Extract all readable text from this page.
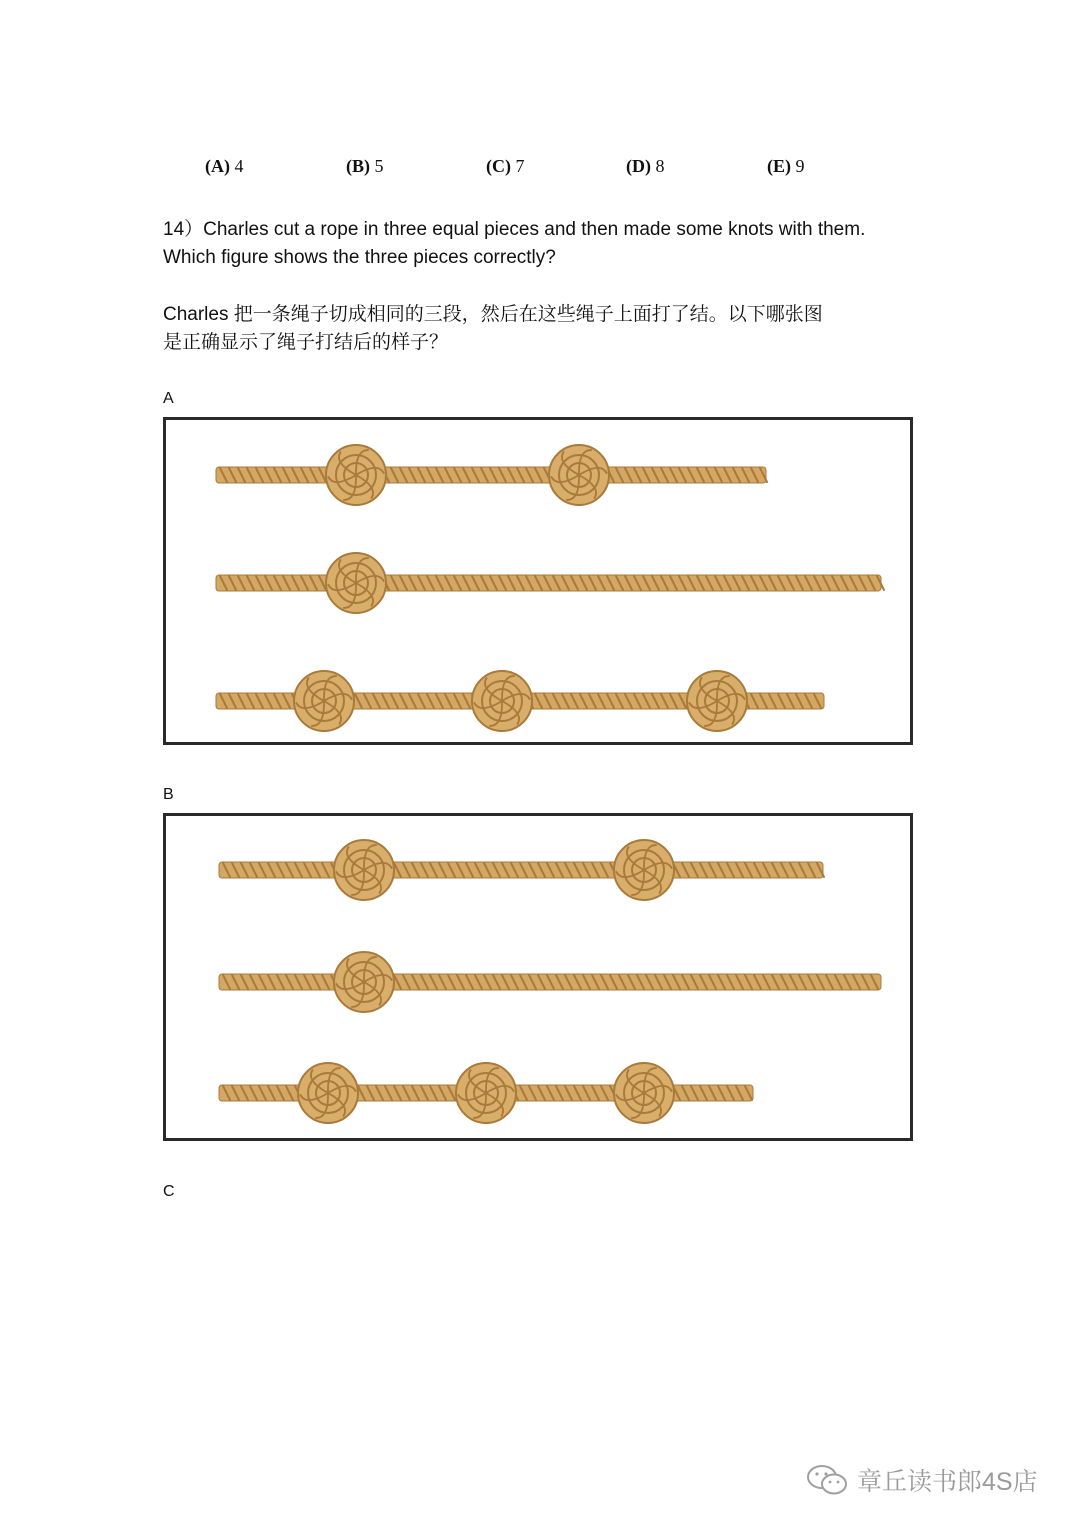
(A) 4	(B) 5	(C) 7	(D) 8	(E) 9
14）Charles cut a rope in three equal pieces and then made some knots with them.
Which figure shows the three pieces correctly?
Charles 把一条绳子切成相同的三段，然后在这些绳子上面打了结。以下哪张图
是正确显示了绳子打结后的样子？
A
B
C
章丘读书郎4S店
